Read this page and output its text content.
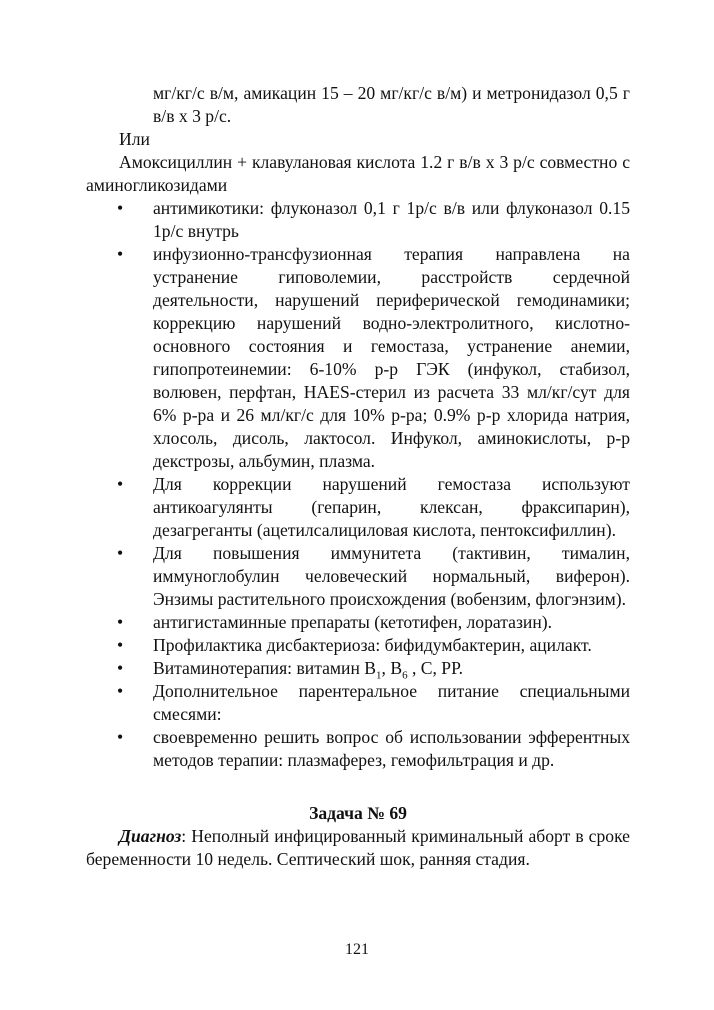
мг/кг/с в/м, амикацин 15 – 20 мг/кг/с в/м) и метронидазол 0,5 г в/в х 3 р/с.

Или

Амоксициллин + клавулановая кислота 1.2 г в/в х 3 р/с совместно с аминогликозидами

• антимикотики: флуконазол 0,1 г 1р/с в/в или флуконазол 0.15 1р/с внутрь
• инфузионно-трансфузионная терапия направлена на устранение гиповолемии, расстройств сердечной деятельности, нарушений периферической гемодинамики; коррекцию нарушений водно-электролитного, кислотно-основного состояния и гемостаза, устранение анемии, гипопротеинемии: 6-10% р-р ГЭК (инфукол, стабизол, волювен, перфтан, HAES-стерил из расчета 33 мл/кг/сут для 6% р-ра и 26 мл/кг/с для 10% р-ра; 0.9% р-р хлорида натрия, хлосоль, дисоль, лактосол. Инфукол, аминокислоты, р-р декстрозы, альбумин, плазма.
• Для коррекции нарушений гемостаза используют антикоагулянты (гепарин, клексан, фраксипарин), дезагреганты (ацетилсалициловая кислота, пентоксифиллин).
• Для повышения иммунитета (тактивин, тималин, иммуноглобулин человеческий нормальный, виферон). Энзимы растительного происхождения (вобензим, флогэнзим).
• антигистаминные препараты (кетотифен, лоратазин).
• Профилактика дисбактериоза: бифидумбактерин, ацилакт.
• Витаминотерапия: витамин $В_1$, $В_6$ , С, РР.
• Дополнительное парентеральное питание специальными смесями:
• своевременно решить вопрос об использовании эфферентных методов терапии: плазмаферез, гемофильтрация и др.

Задача № 69

Диагноз: Неполный инфицированный криминальный аборт в сроке беременности 10 недель. Септический шок, ранняя стадия.

121
